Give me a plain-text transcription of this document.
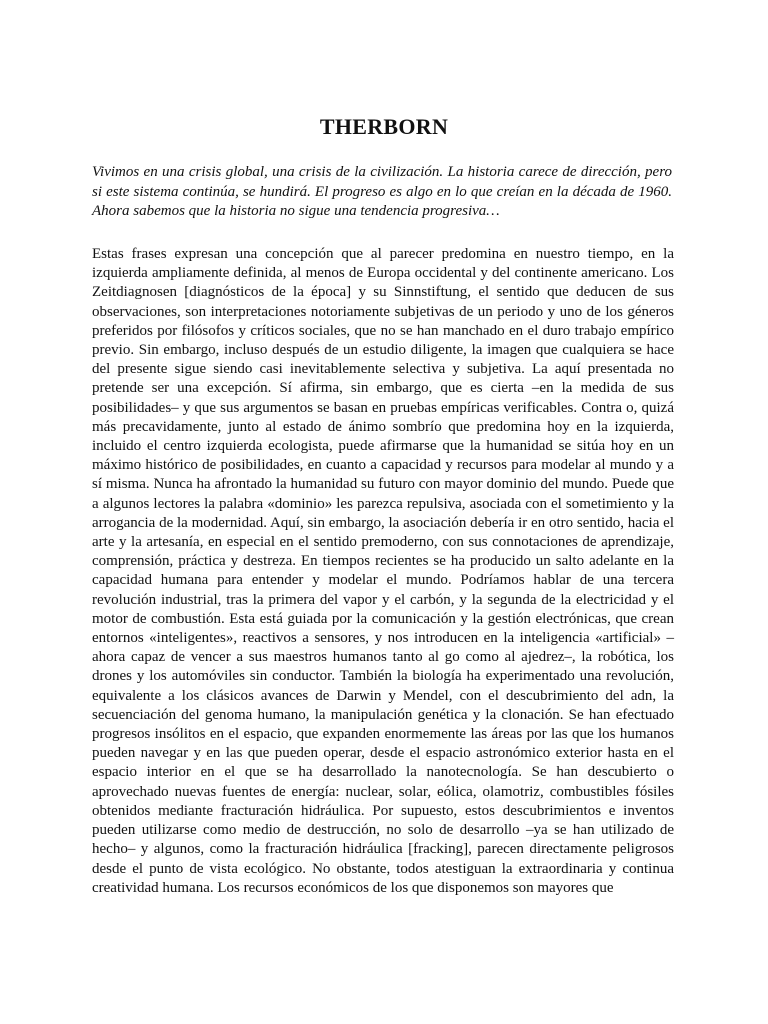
THERBORN

Vivimos en una crisis global, una crisis de la civilización. La historia carece de dirección, pero si este sistema continúa, se hundirá. El progreso es algo en lo que creían en la década de 1960. Ahora sabemos que la historia no sigue una tendencia progresiva…

Estas frases expresan una concepción que al parecer predomina en nuestro tiempo, en la izquierda ampliamente definida, al menos de Europa occidental y del continente americano. Los Zeitdiagnosen [diagnósticos de la época] y su Sinnstiftung, el sentido que deducen de sus observaciones, son interpretaciones notoriamente subjetivas de un periodo y uno de los géneros preferidos por filósofos y críticos sociales, que no se han manchado en el duro trabajo empírico previo. Sin embargo, incluso después de un estudio diligente, la imagen que cualquiera se hace del presente sigue siendo casi inevitablemente selectiva y subjetiva. La aquí presentada no pretende ser una excepción. Sí afirma, sin embargo, que es cierta –en la medida de sus posibilidades– y que sus argumentos se basan en pruebas empíricas verificables. Contra o, quizá más precavidamente, junto al estado de ánimo sombrío que predomina hoy en la izquierda, incluido el centro izquierda ecologista, puede afirmarse que la humanidad se sitúa hoy en un máximo histórico de posibilidades, en cuanto a capacidad y recursos para modelar al mundo y a sí misma. Nunca ha afrontado la humanidad su futuro con mayor dominio del mundo. Puede que a algunos lectores la palabra «dominio» les parezca repulsiva, asociada con el sometimiento y la arrogancia de la modernidad. Aquí, sin embargo, la asociación debería ir en otro sentido, hacia el arte y la artesanía, en especial en el sentido premoderno, con sus connotaciones de aprendizaje, comprensión, práctica y destreza. En tiempos recientes se ha producido un salto adelante en la capacidad humana para entender y modelar el mundo. Podríamos hablar de una tercera revolución industrial, tras la primera del vapor y el carbón, y la segunda de la electricidad y el motor de combustión. Esta está guiada por la comunicación y la gestión electrónicas, que crean entornos «inteligentes», reactivos a sensores, y nos introducen en la inteligencia «artificial» –ahora capaz de vencer a sus maestros humanos tanto al go como al ajedrez–, la robótica, los drones y los automóviles sin conductor. También la biología ha experimentado una revolución, equivalente a los clásicos avances de Darwin y Mendel, con el descubrimiento del adn, la secuenciación del genoma humano, la manipulación genética y la clonación. Se han efectuado progresos insólitos en el espacio, que expanden enormemente las áreas por las que los humanos pueden navegar y en las que pueden operar, desde el espacio astronómico exterior hasta en el espacio interior en el que se ha desarrollado la nanotecnología. Se han descubierto o aprovechado nuevas fuentes de energía: nuclear, solar, eólica, olamotriz, combustibles fósiles obtenidos mediante fracturación hidráulica. Por supuesto, estos descubrimientos e inventos pueden utilizarse como medio de destrucción, no solo de desarrollo –ya se han utilizado de hecho– y algunos, como la fracturación hidráulica [fracking], parecen directamente peligrosos desde el punto de vista ecológico. No obstante, todos atestiguan la extraordinaria y continua creatividad humana. Los recursos económicos de los que disponemos son mayores que
